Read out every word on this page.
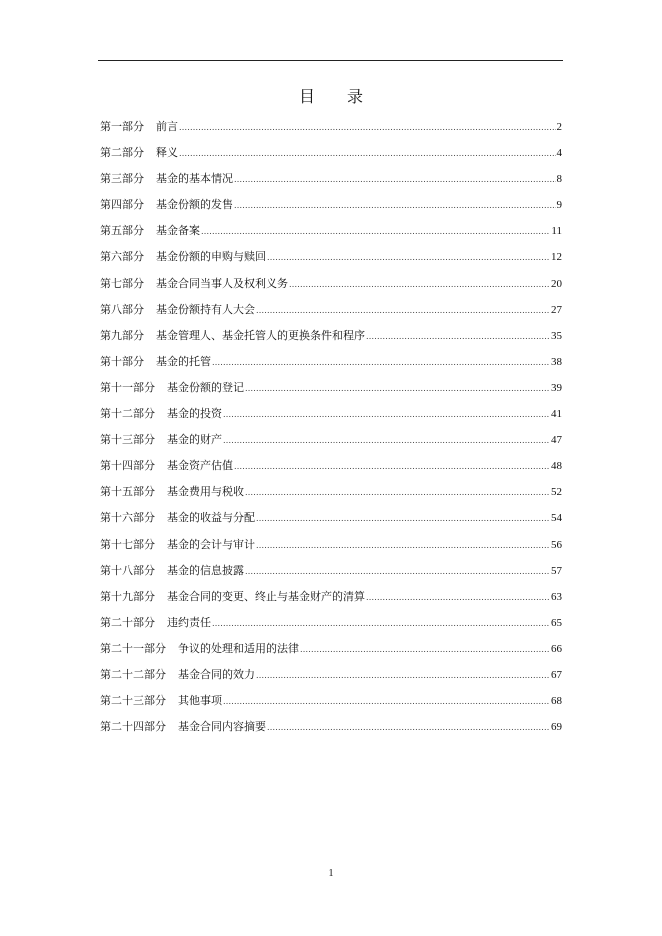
目　　录
第一部分 前言 .....	2
第二部分 释义 .....	4
第三部分 基金的基本情况 .....	8
第四部分 基金份额的发售 .....	9
第五部分 基金备案 .....	11
第六部分 基金份额的申购与赎回 .....	12
第七部分 基金合同当事人及权利义务 .....	20
第八部分 基金份额持有人大会 .....	27
第九部分 基金管理人、基金托管人的更换条件和程序 .....	35
第十部分 基金的托管 .....	38
第十一部分 基金份额的登记 .....	39
第十二部分 基金的投资 .....	41
第十三部分 基金的财产 .....	47
第十四部分 基金资产估值 .....	48
第十五部分 基金费用与税收 .....	52
第十六部分 基金的收益与分配 .....	54
第十七部分 基金的会计与审计 .....	56
第十八部分 基金的信息披露 .....	57
第十九部分 基金合同的变更、终止与基金财产的清算 .....	63
第二十部分 违约责任 .....	65
第二十一部分 争议的处理和适用的法律 .....	66
第二十二部分 基金合同的效力 .....	67
第二十三部分 其他事项 .....	68
第二十四部分 基金合同内容摘要 .....	69
1
